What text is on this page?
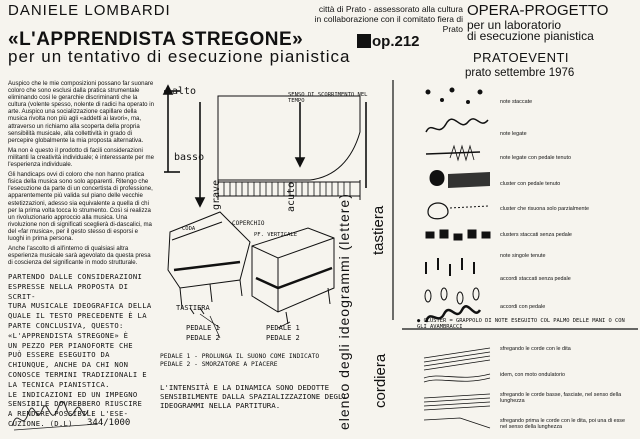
DANIELE LOMBARDI
«L'APPRENDISTA STREGONE»	op.212
per un tentativo di esecuzione pianistica
città di Prato - assessorato alla cultura
in collaborazione con il comitato fiera di Prato
OPERA-PROGETTO
per un laboratorio
di esecuzione pianistica
PRATOEVENTI
prato settembre 1976

Auspico che le mie composizioni possano far suonare coloro che sono esclusi dalla pratica strumentale eliminando così le gerarchie discriminanti che la cultura (volente spesso, nolente di radici ha operato in arte. Auspico una socializzazione capillare della musica rivolta non più agli «addetti ai lavori», ma, attraverso un richiamo alla scoperta della propria sensibilità musicale, alla collettività in grado di percepire globalmente la mia proposta alternativa.

Ma non è questo il prodotto di facili considerazioni militanti la creatività individuale; è interessante per me l'esperienza individuale.

Gli handicaps ovvi di coloro che non hanno pratica fisica della musica sono solo apparenti. Ritengo che l'esecuzione da parte di un concertista di professione, apparentemente più valida sul piano delle vecchie estetizzazioni, adesso sia equivalente a quella di chi per la prima volta tocca lo strumento. Così si realizza un rivoluzionario approccio alla musica. Una rivoluzione non di significati sceglierà di-dascalici, ma del «far musica», per il gesto stesso di esporsi e luoghi in prima persona.

Anche l'ascolto di all'interno di qualsiasi altra esperienza musicale sarà agevolato da questa presa di coscienza del significante in modo strutturale.

PARTENDO DALLE CONSIDERAZIONI ESPRESSE NELLA PROPOSTA DI SCRIT-

TURA MUSICALE IDEOGRAFICA DELLA

QUALE IL TESTO PRECEDENTE È LA

PARTE CONCLUSIVA, QUESTO:

«L'APPRENDISTA STREGONE» È

UN PEZZO PER PIANOFORTE CHE

PUÒ ESSERE ESEGUITO DA

CHIUNQUE, ANCHE DA CHI NON

CONOSCE TERMINI TRADIZIONALI E

LA TECNICA PIANISTICA.

LE INDICAZIONI ED UN IMPEGNO

SENSIBILE DOVREBBERO RIUSCIRE

A RENDERE POSSIBILE L'ESE-

CUZIONE. (D.L)	344/1000
alto
basso
grave	acuto
SENSO DI SCORRIMENTO NEL TEMPO
CODA
COPERCHIO
PF. VERTICALE
TASTIERA
PEDALE 1
PEDALE 2
PEDALE 1
PEDALE 2

PEDALE 1 - PROLUNGA IL SUONO COME INDICATO

PEDALE 2 - SMORZATORE A PIACERE

L'INTENSITÀ E LA DINAMICA SONO DEDOTTE SENSIBILMENTE DALLA SPAZIALIZZAZIONE DEGLI IDEOGRAMMI NELLA PARTITURA.	elenco degli ideogrammi (lettere) tastiera
cordiera
note staccate
note legate
note legate con pedale tenuto
cluster con pedale tenuto
cluster che risuona solo parzialmente
clusters staccati senza pedale
note singole tenute
accordi staccati senza pedale
accordi con pedale
● CLUSTER = GRAPPOLO DI NOTE ESEGUITO COL PALMO DELLE MANI O CON GLI AVAMBRACCI
sfregando le corde con le dita
idem, con moto ondulatorio
sfregando le corde basse, fasciate, nel senso della lunghezza
sfregando prima le corde con le dita, poi una di esse nel senso della lunghezza
